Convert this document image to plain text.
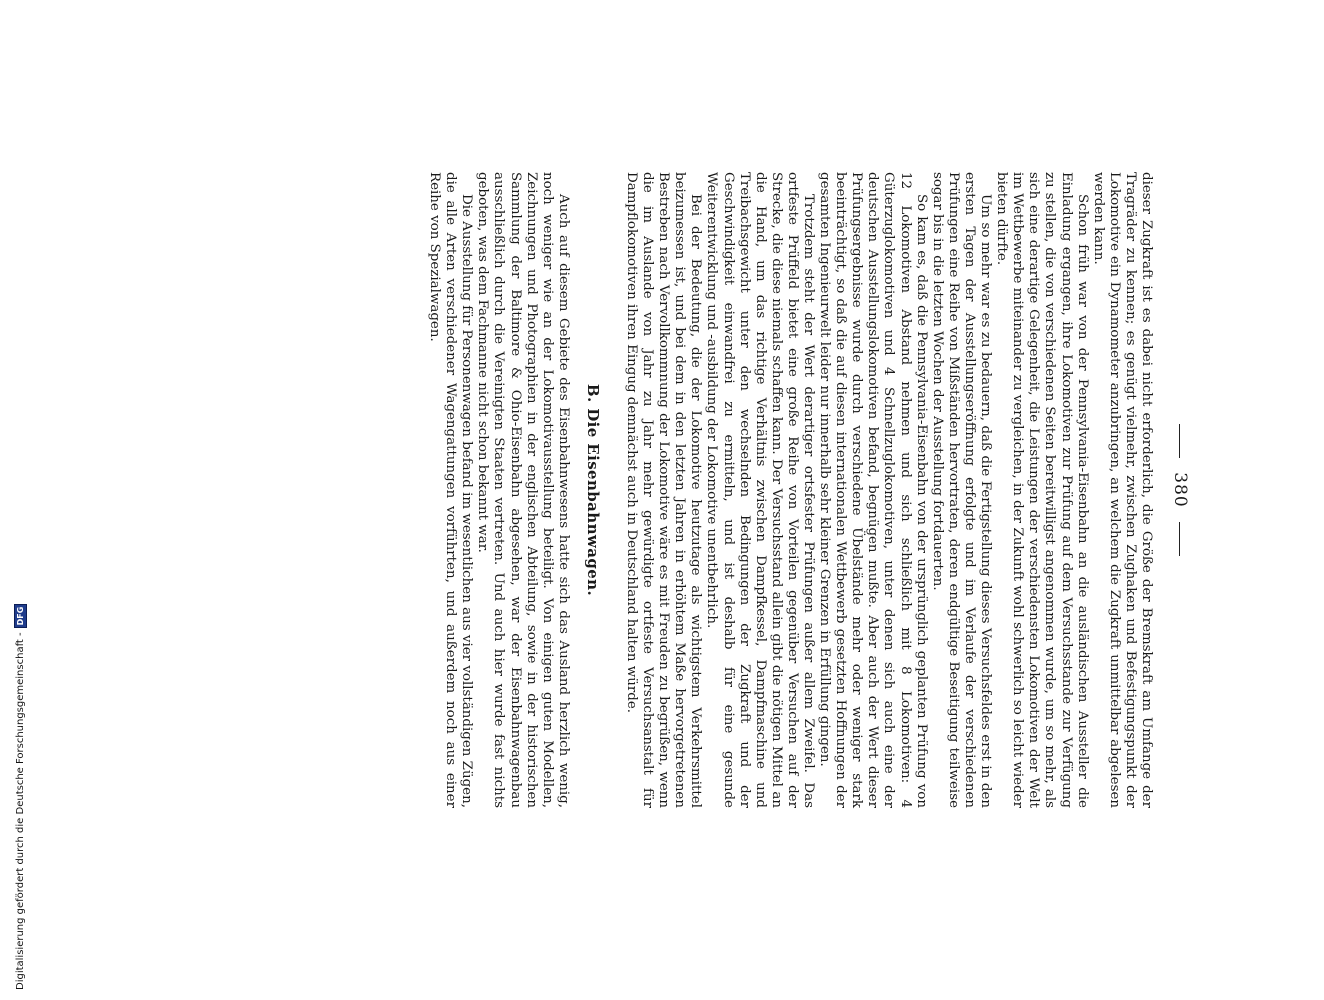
380

dieser Zugkraft ist es dabei nicht erforderlich, die Größe der Bremskraft am Umfange der Tragräder zu kennen; es genügt vielmehr, zwischen Zughaken und Befestigungspunkt der Lokomotive ein Dynamometer anzubringen, an welchem die Zugkraft unmittelbar abgelesen werden kann.

Schon früh war von der Pennsylvania-Eisenbahn an die ausländischen Aussteller die Einladung ergangen, ihre Lokomotiven zur Prüfung auf dem Versuchsstande zur Verfügung zu stellen, die von verschiedenen Seiten bereitwilligst angenommen wurde, um so mehr, als sich eine derartige Gelegenheit, die Leistungen der verschiedensten Lokomotiven der Welt im Wettbewerbe miteinander zu vergleichen, in der Zukunft wohl schwerlich so leicht wieder bieten dürfte.

Um so mehr war es zu bedauern, daß die Fertigstellung dieses Versuchsfeldes erst in den ersten Tagen der Ausstellungseröffnung erfolgte und im Verlaufe der verschiedenen Prüfungen eine Reihe von Mißständen hervortraten, deren endgültige Beseitigung teilweise sogar bis in die letzten Wochen der Ausstellung fortdauerten.

So kam es, daß die Pennsylvania-Eisenbahn von der ursprünglich geplanten Prüfung von 12 Lokomotiven Abstand nehmen und sich schließlich mit 8 Lokomotiven: 4 Güterzuglokomotiven und 4 Schnellzuglokomotiven, unter denen sich auch eine der deutschen Ausstellungslokomotiven befand, begnügen mußte. Aber auch der Wert dieser Prüfungsergebnisse wurde durch verschiedene Übelstände mehr oder weniger stark beeinträchtigt, so daß die auf diesen internationalen Wettbewerb gesetzten Hoffnungen der gesamten Ingenieurwelt leider nur innerhalb sehr kleiner Grenzen in Erfüllung gingen.

Trotzdem steht der Wert derartiger ortsfester Prüfungen außer allem Zweifel. Das ortfeste Prüffeld bietet eine große Reihe von Vorteilen gegenüber Versuchen auf der Strecke, die diese niemals schaffen kann. Der Versuchsstand allein gibt die nötigen Mittel an die Hand, um das richtige Verhältnis zwischen Dampfkessel, Dampfmaschine und Treibachsgewicht unter den wechselnden Bedingungen der Zugkraft und der Geschwindigkeit einwandfrei zu ermitteln, und ist deshalb für eine gesunde Weiterentwicklung und -ausbildung der Lokomotive unentbehrlich.

Bei der Bedeutung, die der Lokomotive heutzutage als wichtigstem Verkehrsmittel beizumessen ist, und bei dem in den letzten Jahren in erhöhtem Maße hervorgetretenen Bestreben nach Vervollkommnung der Lokomotive wäre es mit Freuden zu begrüßen, wenn die im Auslande von Jahr zu Jahr mehr gewürdigte ortfeste Versuchsanstalt für Dampflokomotiven ihren Eingug demnächst auch in Deutschland halten würde.

B. Die Eisenbahnwagen.

Auch auf diesem Gebiete des Eisenbahnwesens hatte sich das Ausland herzlich wenig, noch weniger wie an der Lokomotivausstellung beteiligt. Von einigen guten Modellen, Zeichnungen und Photographien in der englischen Abteilung, sowie in der historischen Sammlung der Baltimore & Ohio-Eisenbahn abgesehen, war der Eisenbahnwagenbau ausschließlich durch die Vereinigten Staaten vertreten. Und auch hier wurde fast nichts geboten, was dem Fachmanne nicht schon bekannt war.

Die Ausstellung für Personenwagen befand im wesentlichen aus vier vollständigen Zügen, die alle Arten verschiedener Wagengattungen vorführten, und außerdem noch aus einer Reihe von Spezialwagen.

Digitalisierung gefördert durch die Deutsche Forschungsgemeinschaft -
DFG
